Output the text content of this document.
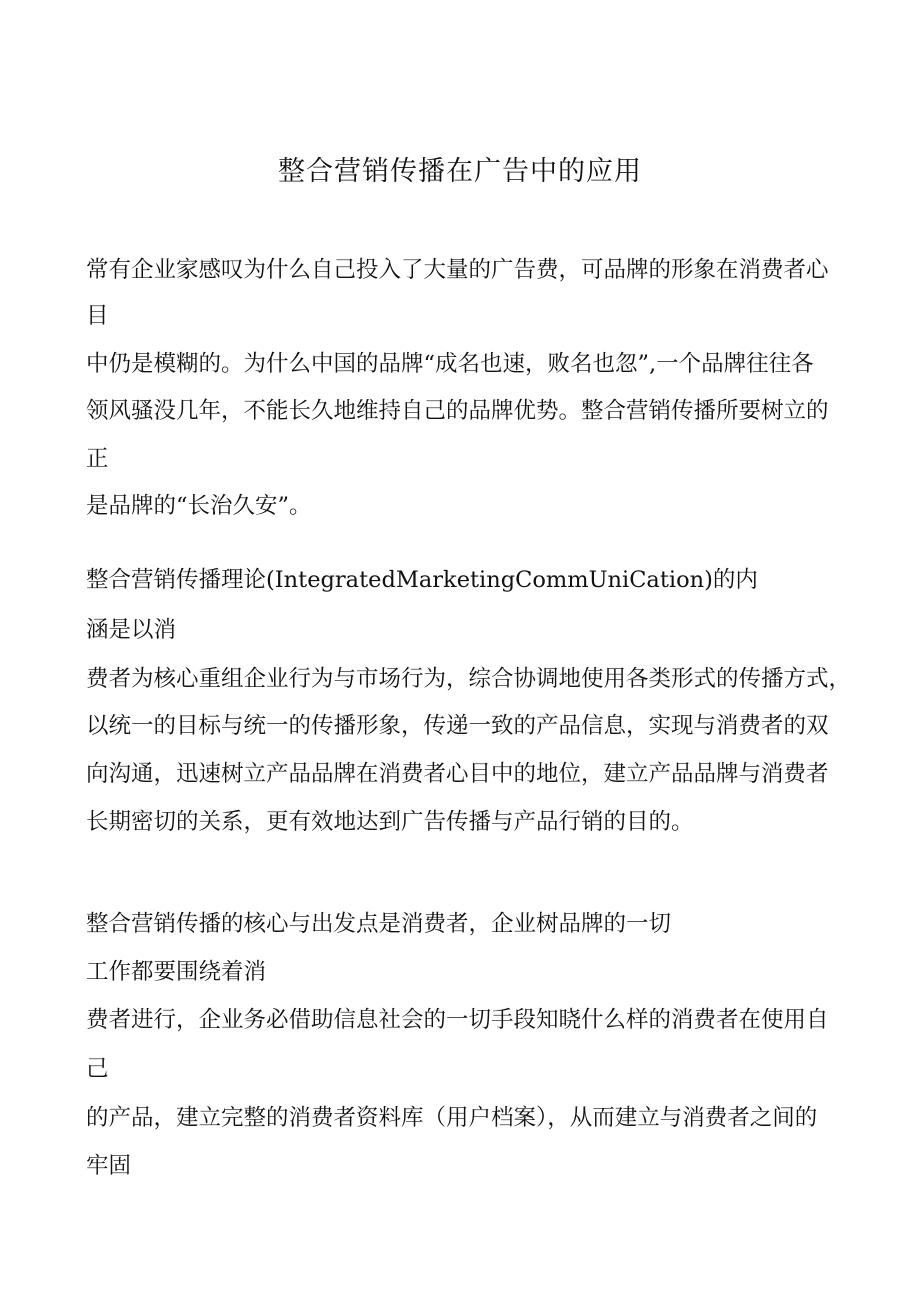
整合营销传播在广告中的应用
常有企业家感叹为什么自己投入了大量的广告费，可品牌的形象在消费者心
目
中仍是模糊的。为什么中国的品牌“成名也速，败名也忽”,一个品牌往往各
领风骚没几年，不能长久地维持自己的品牌优势。整合营销传播所要树立的
正
是品牌的“长治久安”。
整合营销传播理论(IntegratedMarketingCommUniCation)的内
涵是以消
费者为核心重组企业行为与市场行为，综合协调地使用各类形式的传播方式，
以统一的目标与统一的传播形象，传递一致的产品信息，实现与消费者的双
向沟通，迅速树立产品品牌在消费者心目中的地位，建立产品品牌与消费者
长期密切的关系，更有效地达到广告传播与产品行销的目的。
整合营销传播的核心与出发点是消费者，企业树品牌的一切
工作都要围绕着消
费者进行，企业务必借助信息社会的一切手段知晓什么样的消费者在使用自
己
的产品，建立完整的消费者资料库（用户档案），从而建立与消费者之间的
牢固
